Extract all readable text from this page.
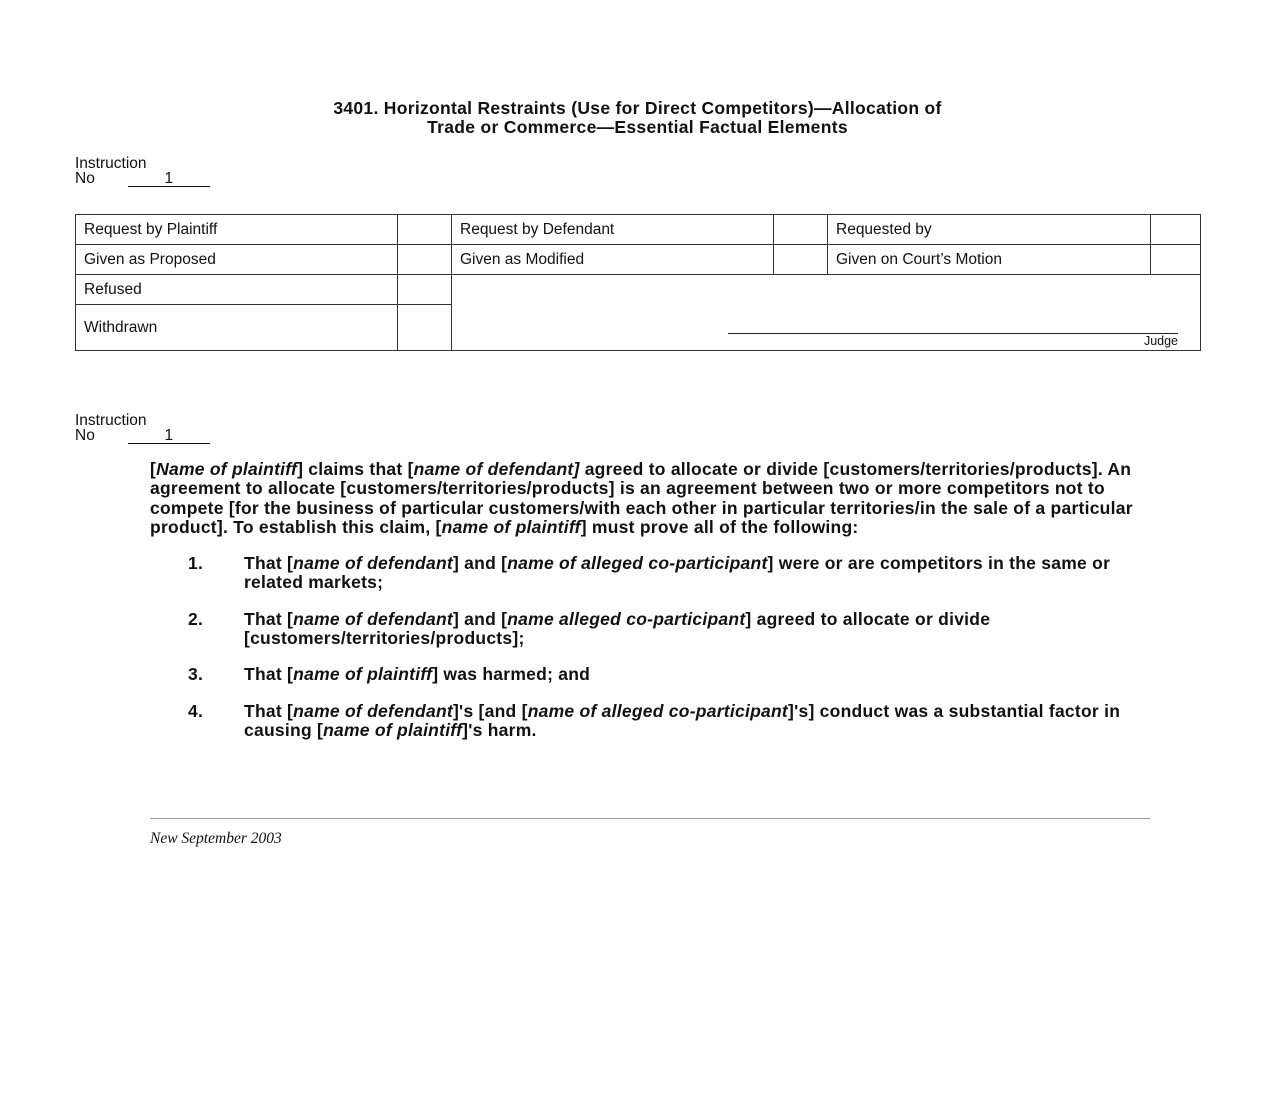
3401. Horizontal Restraints (Use for Direct Competitors)—Allocation of
Trade or Commerce—Essential Factual Elements
Instruction
No	1
Request by Plaintiff		Request by Defendant		Requested by	
Given as Proposed		Given as Modified		Given on Court’s Motion	
Refused		Judge			

Withdrawn					
Instruction
No	1

[Name of plaintiff] claims that [name of defendant] agreed to allocate or divide [customers/territories/products]. An agreement to allocate [customers/territories/products] is an agreement between two or more competitors not to compete [for the business of particular customers/with each other in particular territories/in the sale of a particular product]. To establish this claim, [name of plaintiff] must prove all of the following:

1.	That [name of defendant] and [name of alleged co-participant] were or are competitors in the same or related markets;
2.	That [name of defendant] and [name alleged co-participant] agreed to allocate or divide [customers/territories/products];
3.	That [name of plaintiff] was harmed; and
4.	That [name of defendant]'s [and [name of alleged co-participant]'s] conduct was a substantial factor in causing [name of plaintiff]'s harm.
New September 2003
